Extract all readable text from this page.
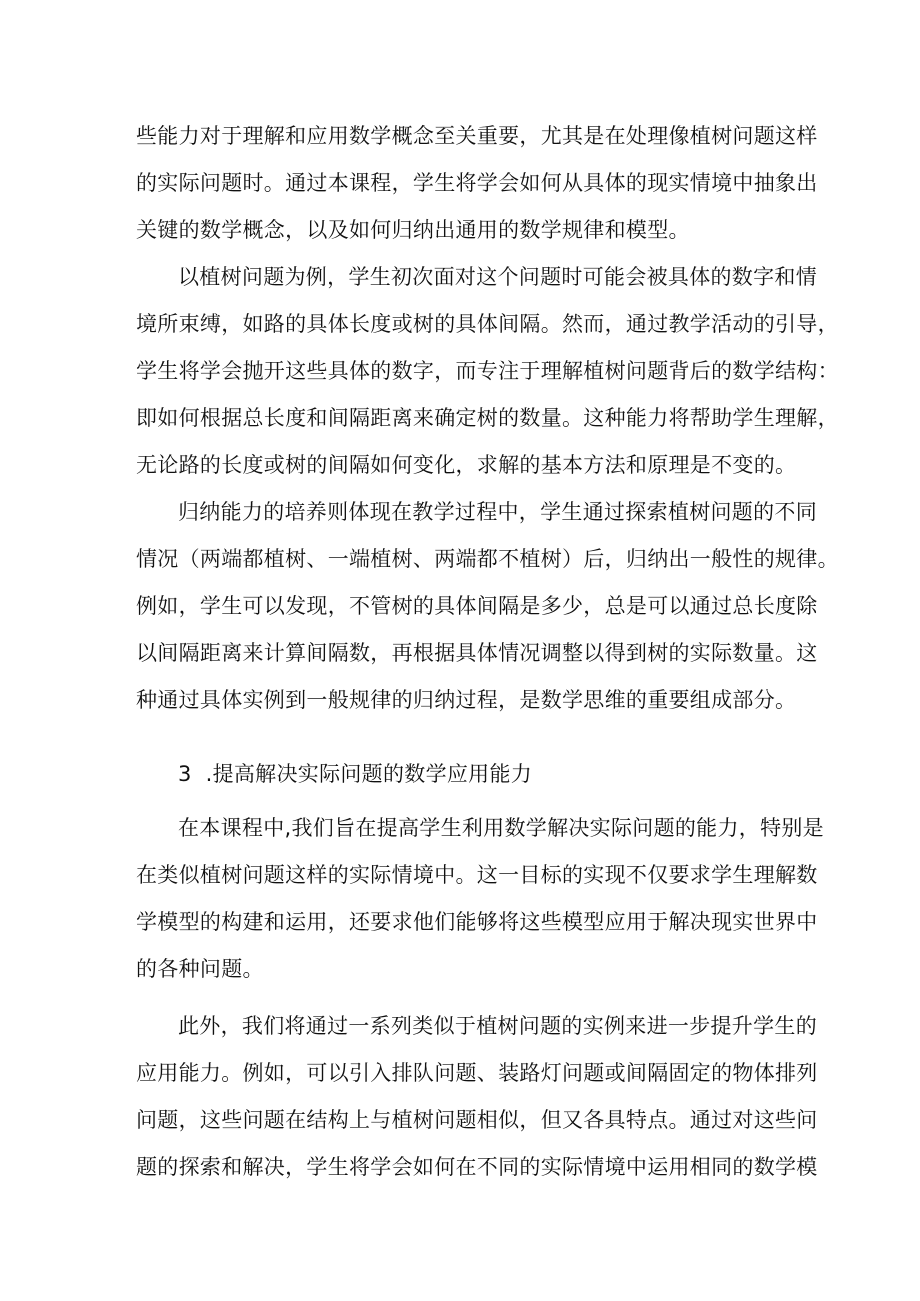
些能力对于理解和应用数学概念至关重要，尤其是在处理像植树问题这样
的实际问题时。通过本课程，学生将学会如何从具体的现实情境中抽象出
关键的数学概念，以及如何归纳出通用的数学规律和模型。
以植树问题为例，学生初次面对这个问题时可能会被具体的数字和情
境所束缚，如路的具体长度或树的具体间隔。然而，通过教学活动的引导，
学生将学会抛开这些具体的数字，而专注于理解植树问题背后的数学结构：
即如何根据总长度和间隔距离来确定树的数量。这种能力将帮助学生理解，
无论路的长度或树的间隔如何变化，求解的基本方法和原理是不变的。
归纳能力的培养则体现在教学过程中，学生通过探索植树问题的不同
情况（两端都植树、一端植树、两端都不植树）后，归纳出一般性的规律。
例如，学生可以发现，不管树的具体间隔是多少，总是可以通过总长度除
以间隔距离来计算间隔数，再根据具体情况调整以得到树的实际数量。这
种通过具体实例到一般规律的归纳过程，是数学思维的重要组成部分。
3  .提高解决实际问题的数学应用能力
在本课程中,我们旨在提高学生利用数学解决实际问题的能力，特别是
在类似植树问题这样的实际情境中。这一目标的实现不仅要求学生理解数
学模型的构建和运用，还要求他们能够将这些模型应用于解决现实世界中
的各种问题。
此外，我们将通过一系列类似于植树问题的实例来进一步提升学生的
应用能力。例如，可以引入排队问题、装路灯问题或间隔固定的物体排列
问题，这些问题在结构上与植树问题相似，但又各具特点。通过对这些问
题的探索和解决，学生将学会如何在不同的实际情境中运用相同的数学模
